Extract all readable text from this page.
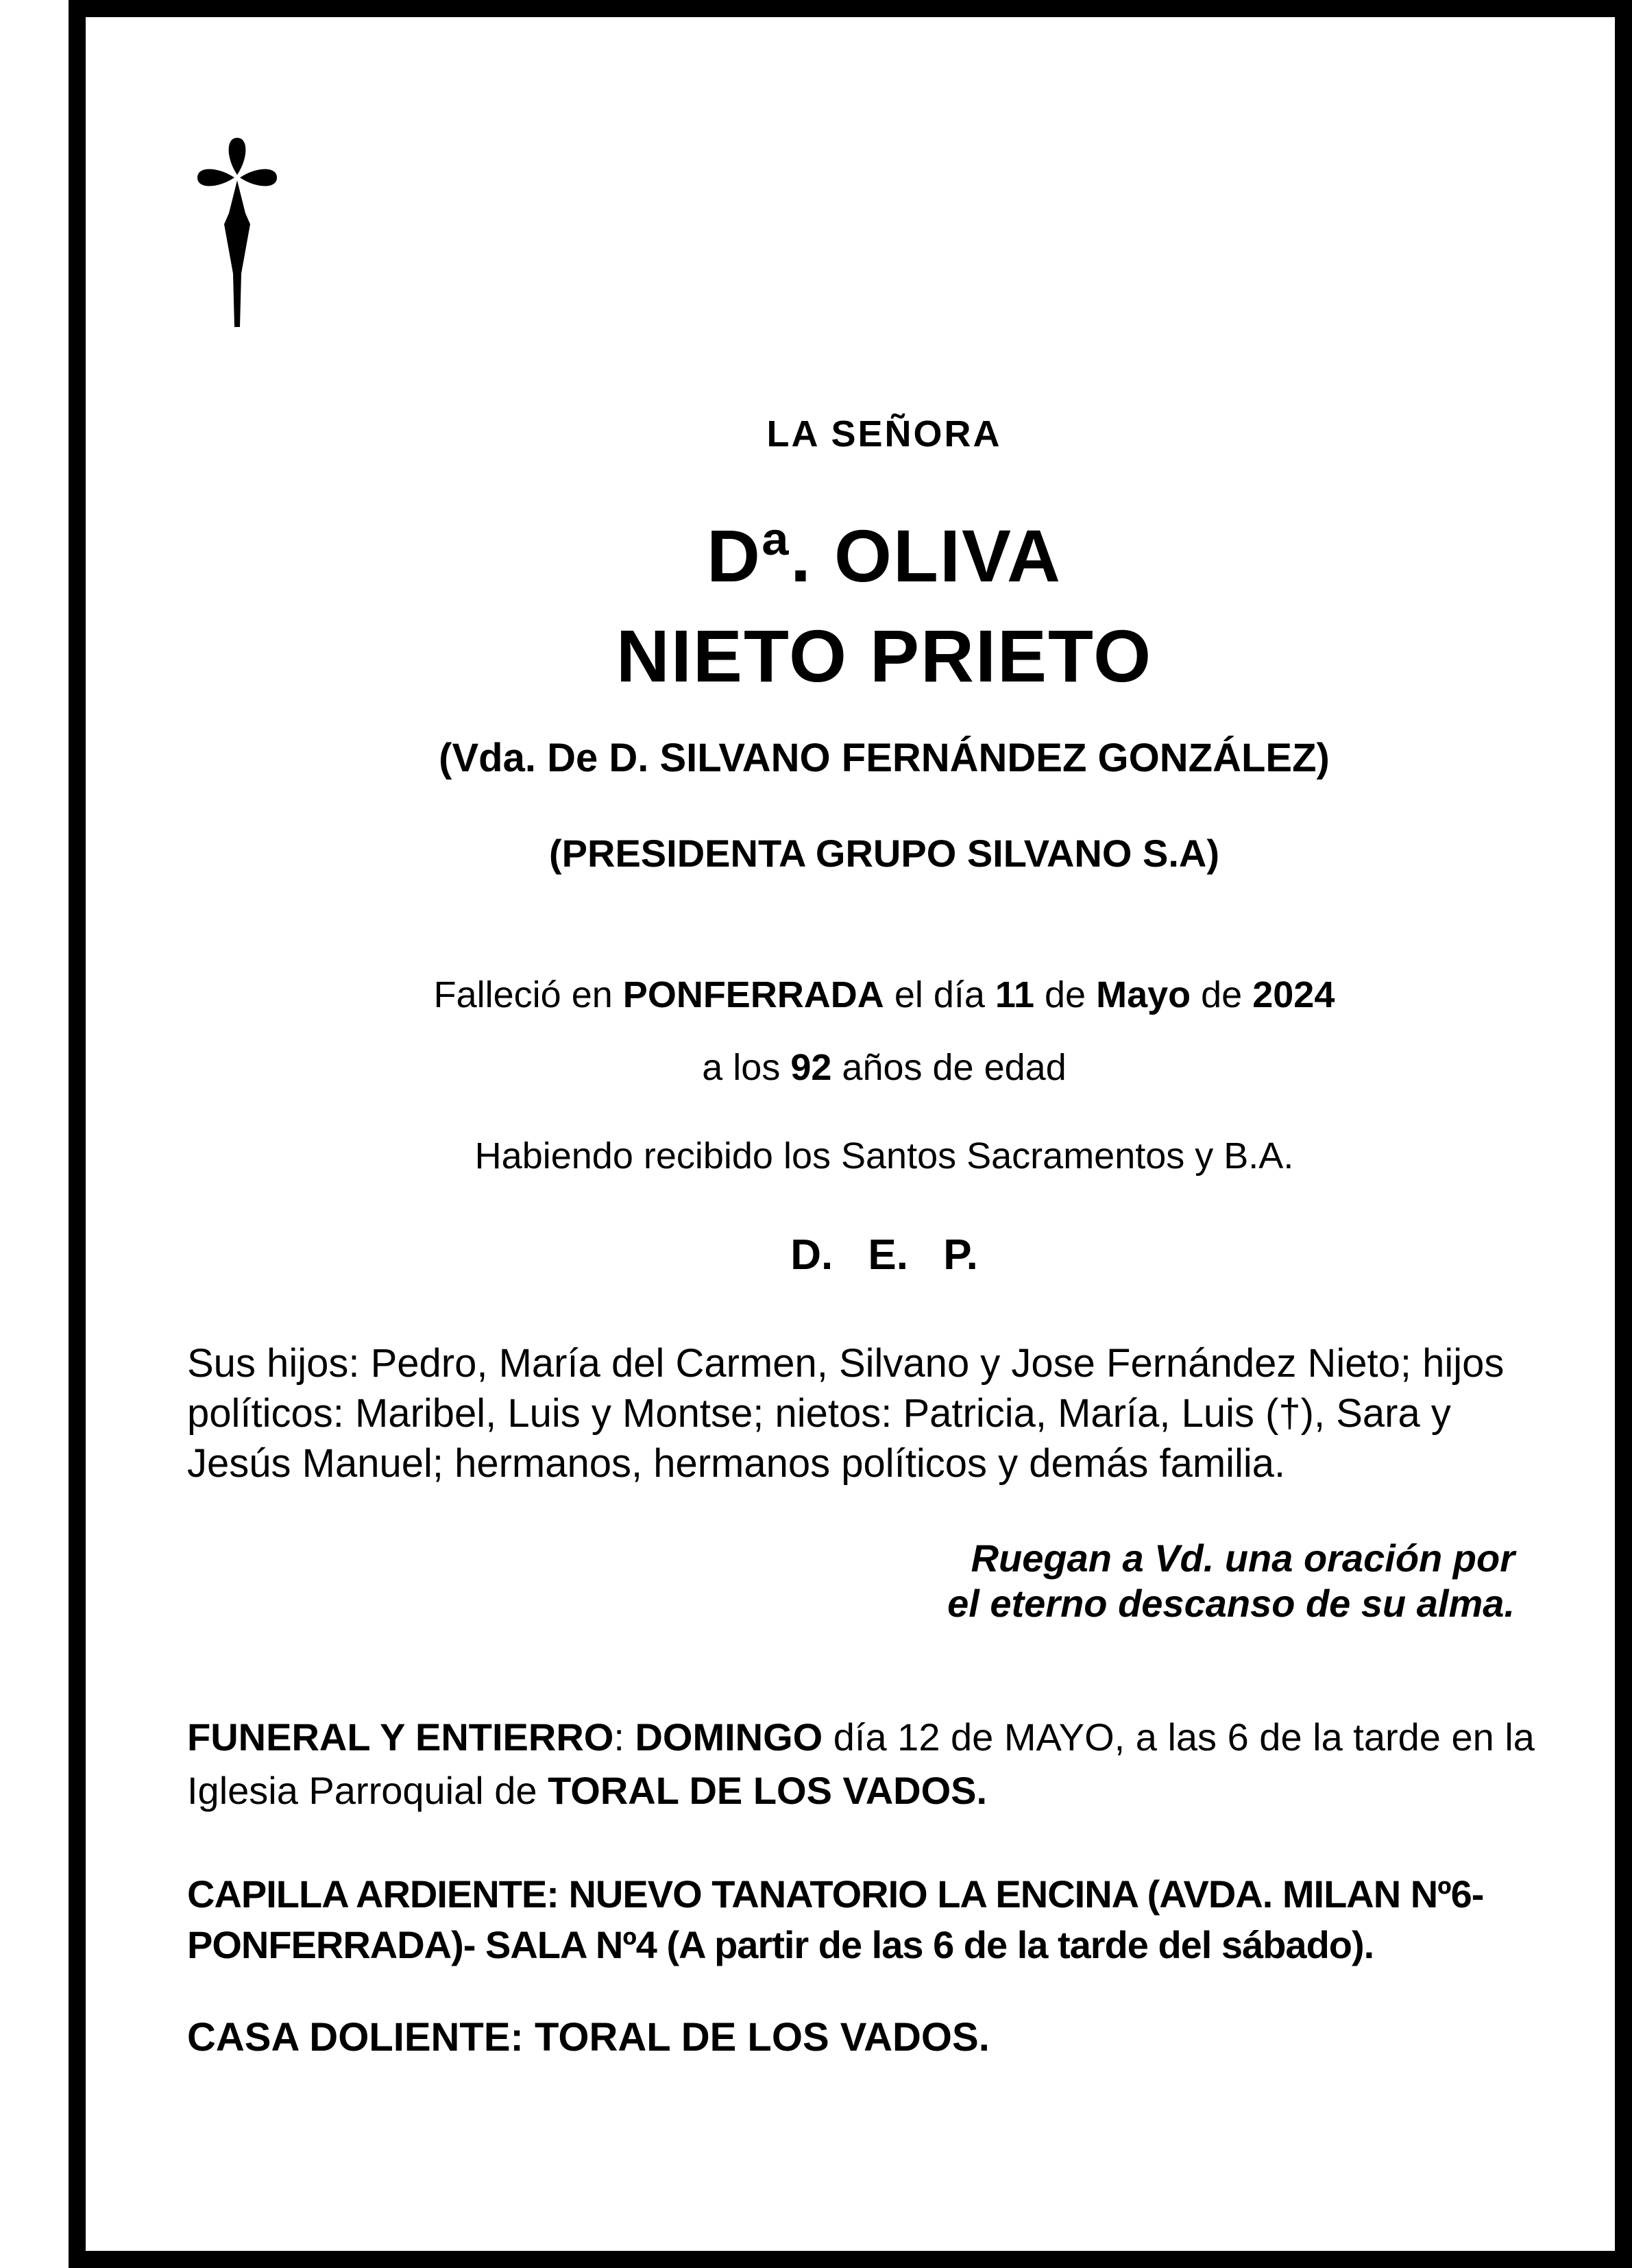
LA SEÑORA
Dª. OLIVA
NIETO PRIETO
(Vda. De D. SILVANO FERNÁNDEZ GONZÁLEZ)
(PRESIDENTA GRUPO SILVANO S.A)
Falleció en PONFERRADA el día 11 de Mayo de 2024
a los 92 años de edad
Habiendo recibido los Santos Sacramentos y B.A.
D. E. P.
Sus hijos: Pedro, María del Carmen, Silvano y Jose Fernández Nieto; hijos políticos: Maribel, Luis y Montse; nietos: Patricia, María, Luis (†), Sara y Jesús Manuel; hermanos, hermanos políticos y demás familia.
Ruegan a Vd. una oración por
el eterno descanso de su alma.
FUNERAL Y ENTIERRO: DOMINGO día 12 de MAYO, a las 6 de la tarde en la Iglesia Parroquial de TORAL DE LOS VADOS.
CAPILLA ARDIENTE: NUEVO TANATORIO LA ENCINA (AVDA. MILAN Nº6- PONFERRADA)- SALA Nº4 (A partir de las 6 de la tarde del sábado).
CASA DOLIENTE: TORAL DE LOS VADOS.
